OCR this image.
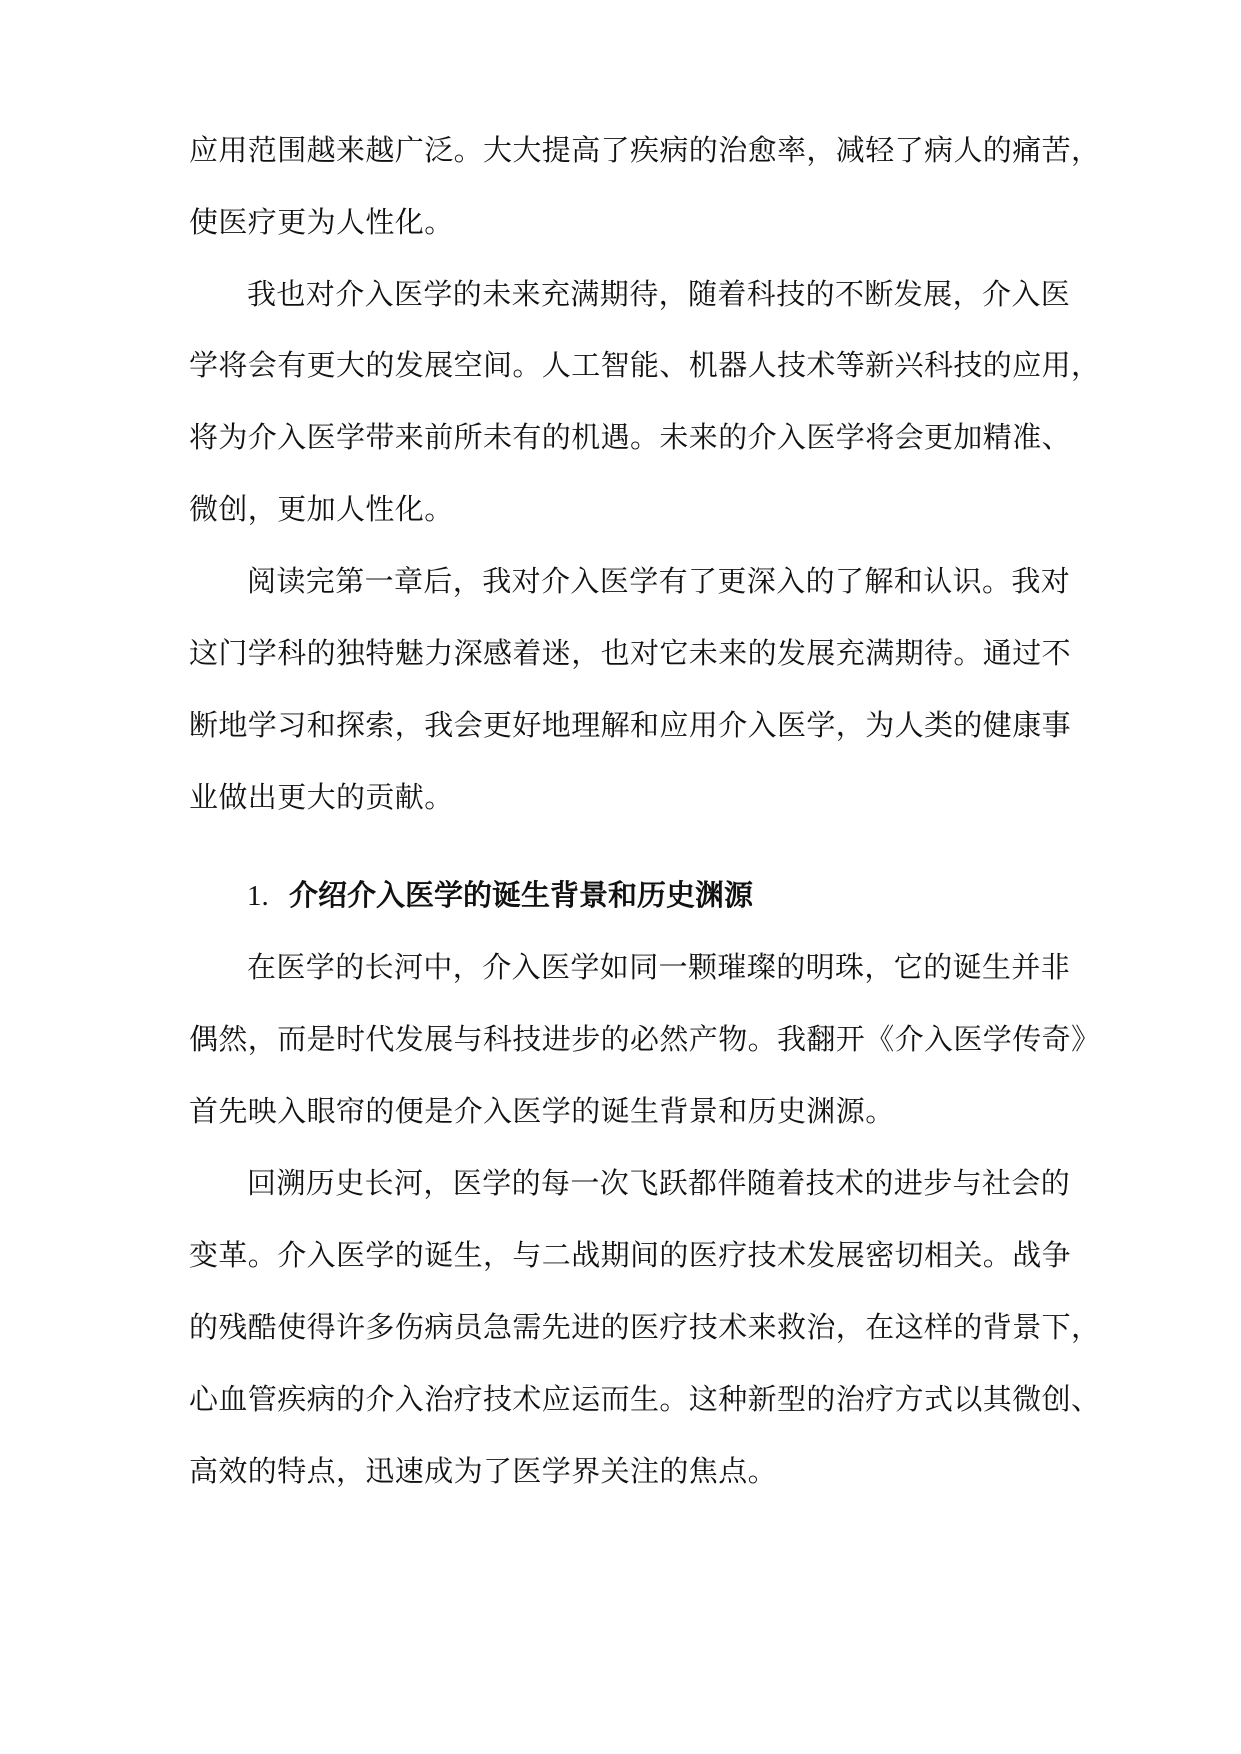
应用范围越来越广泛。大大提高了疾病的治愈率，减轻了病人的痛苦，
使医疗更为人性化。
我也对介入医学的未来充满期待，随着科技的不断发展，介入医
学将会有更大的发展空间。人工智能、机器人技术等新兴科技的应用，
将为介入医学带来前所未有的机遇。未来的介入医学将会更加精准、
微创，更加人性化。
阅读完第一章后，我对介入医学有了更深入的了解和认识。我对
这门学科的独特魅力深感着迷，也对它未来的发展充满期待。通过不
断地学习和探索，我会更好地理解和应用介入医学，为人类的健康事
业做出更大的贡献。
1. 介绍介入医学的诞生背景和历史渊源
在医学的长河中，介入医学如同一颗璀璨的明珠，它的诞生并非
偶然，而是时代发展与科技进步的必然产物。我翻开《介入医学传奇》
首先映入眼帘的便是介入医学的诞生背景和历史渊源。
回溯历史长河，医学的每一次飞跃都伴随着技术的进步与社会的
变革。介入医学的诞生，与二战期间的医疗技术发展密切相关。战争
的残酷使得许多伤病员急需先进的医疗技术来救治，在这样的背景下，
心血管疾病的介入治疗技术应运而生。这种新型的治疗方式以其微创、
高效的特点，迅速成为了医学界关注的焦点。
